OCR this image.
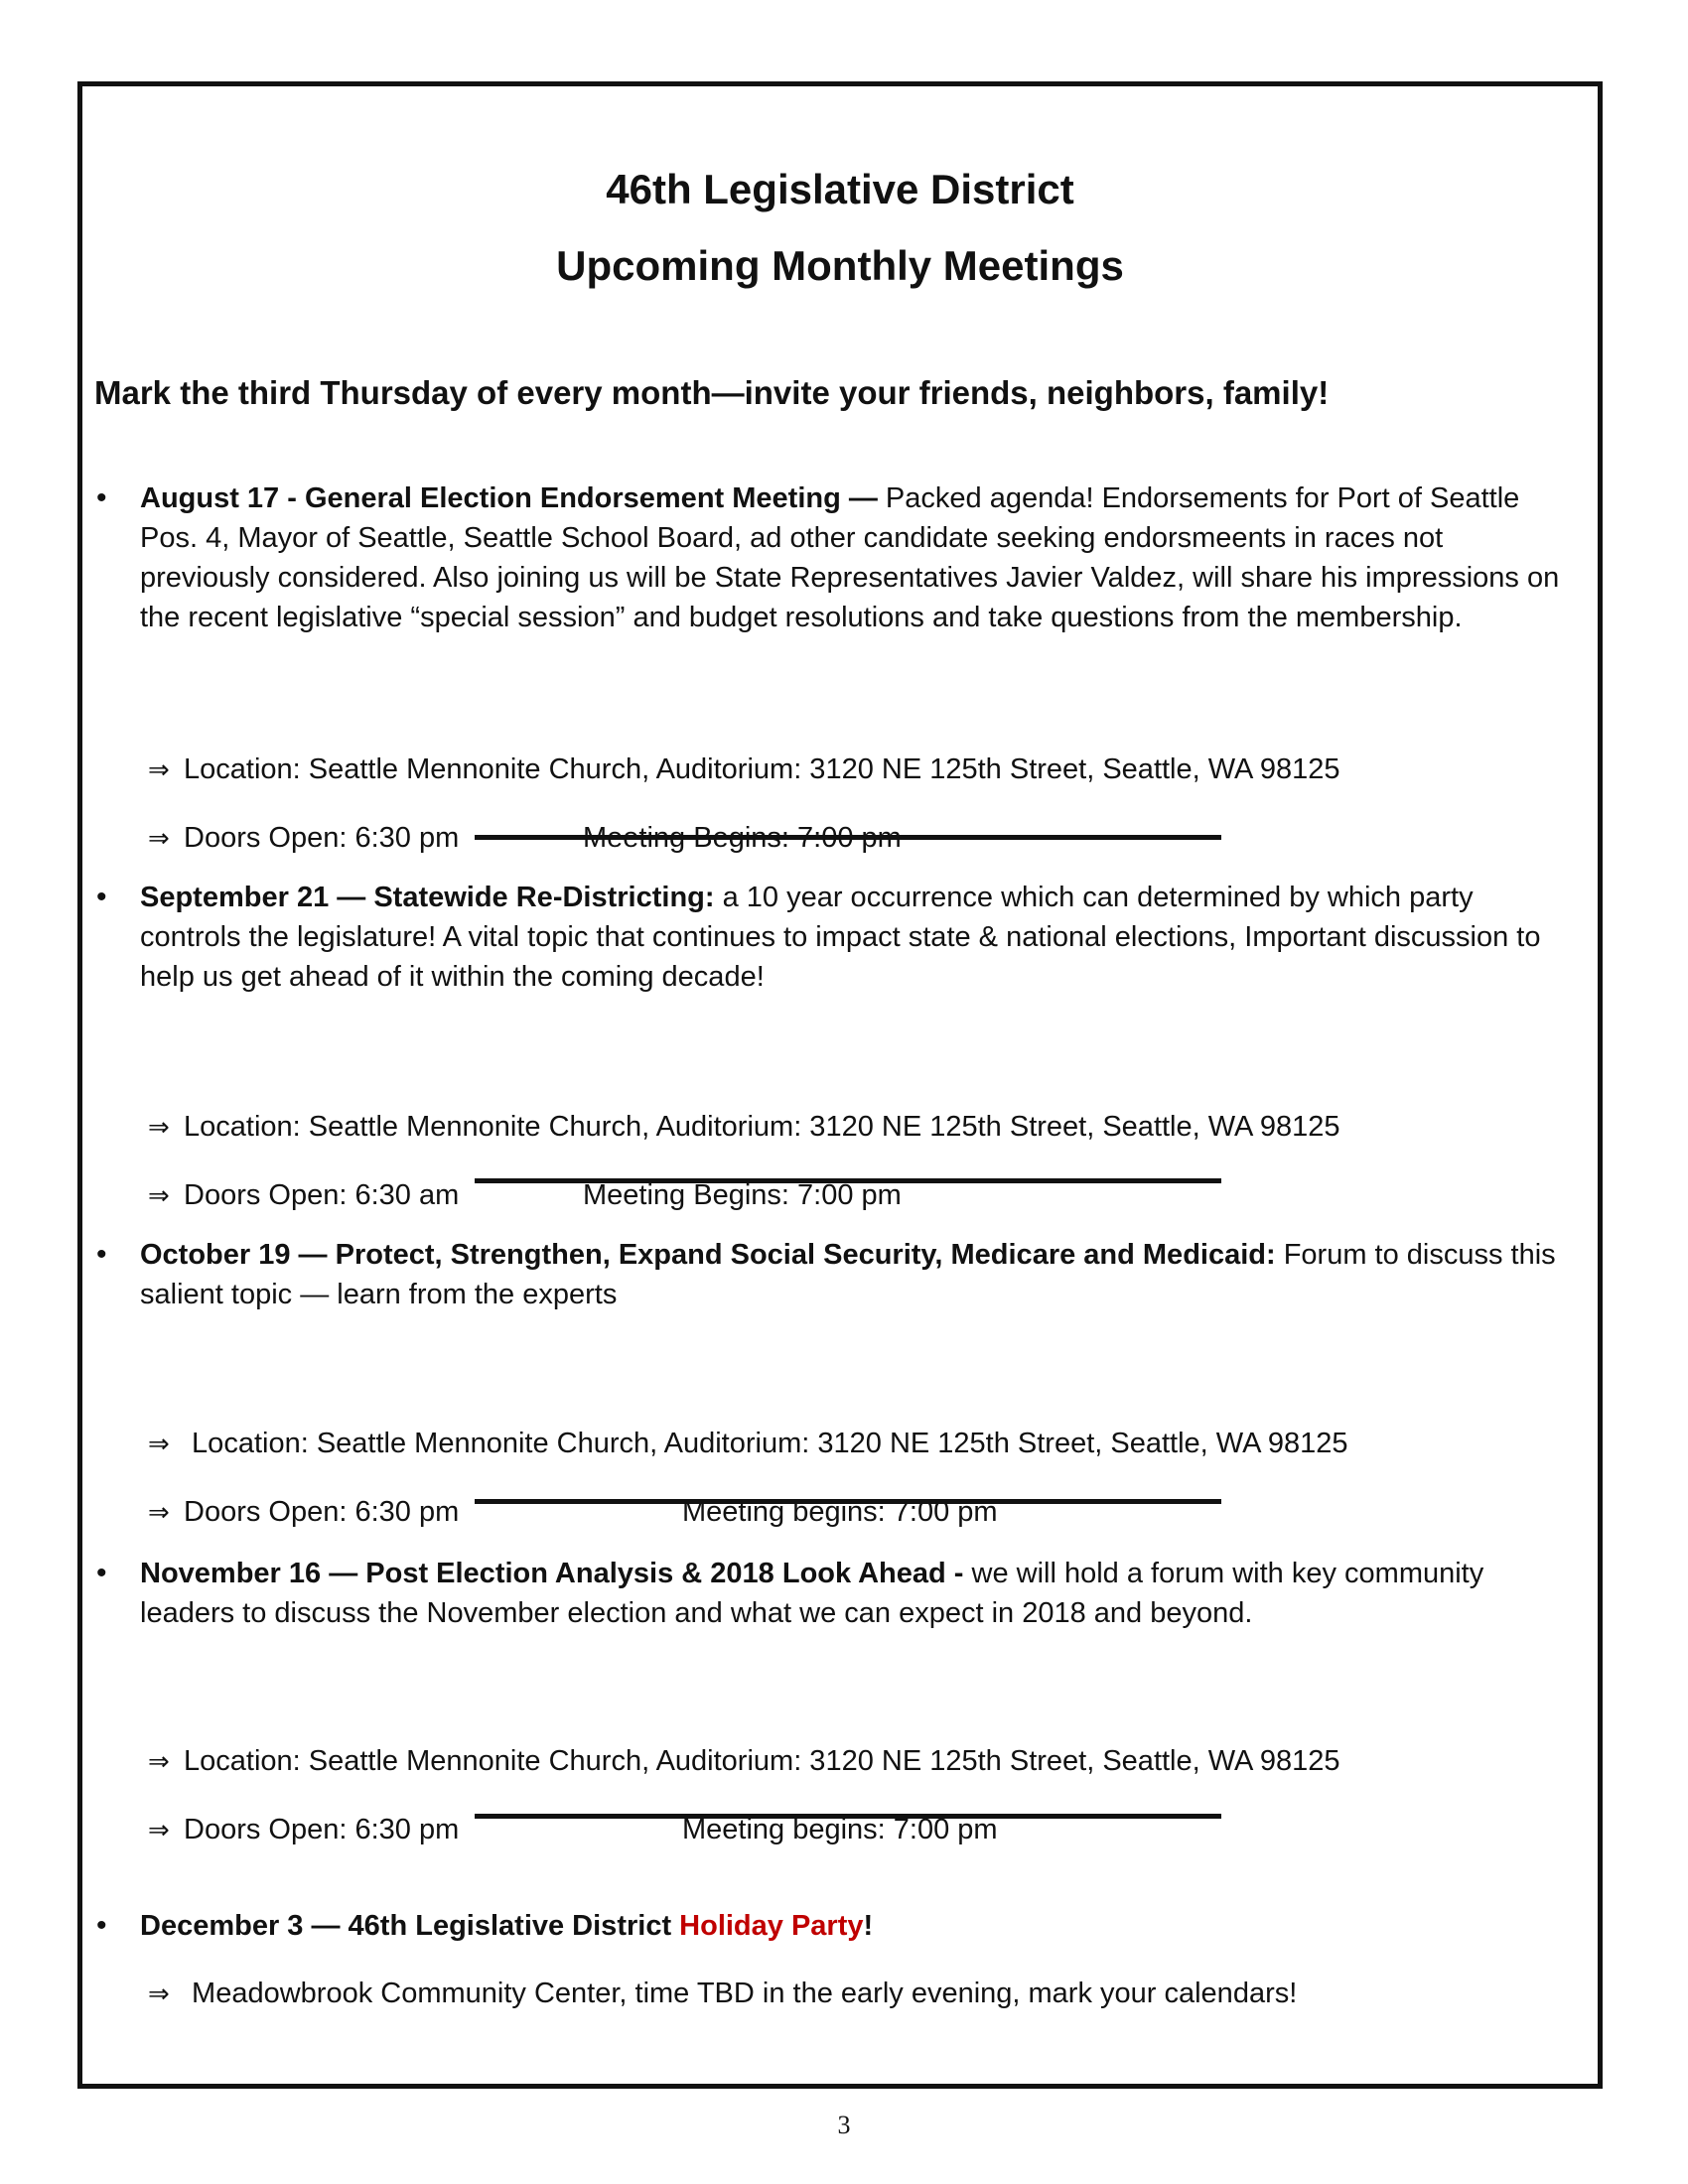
46th Legislative District
Upcoming Monthly Meetings

Mark the third Thursday of every month—invite your friends, neighbors, family!

• August 17 - General Election Endorsement Meeting — Packed agenda! Endorsements for Port of Seattle Pos. 4, Mayor of Seattle, Seattle School Board, ad other candidate seeking endorsmeents in races not previously considered. Also joining us will be State Representatives Javier Valdez, will share his impressions on the recent legislative “special session” and budget resolutions and take questions from the membership.

⇒ Location: Seattle Mennonite Church, Auditorium: 3120 NE 125th Street, Seattle, WA 98125
⇒ Doors Open: 6:30 pm	Meeting Begins: 7:00 pm
• September 21 — Statewide Re-Districting: a 10 year occurrence which can determined by which party controls the legislature! A vital topic that continues to impact state & national elections, Important discussion to help us get ahead of it within the coming decade!

⇒ Location: Seattle Mennonite Church, Auditorium: 3120 NE 125th Street, Seattle, WA 98125
⇒ Doors Open: 6:30 am	Meeting Begins: 7:00 pm
• October 19 — Protect, Strengthen, Expand Social Security, Medicare and Medicaid: Forum to discuss this salient topic — learn from the experts

⇒ Location: Seattle Mennonite Church, Auditorium: 3120 NE 125th Street, Seattle, WA 98125
⇒ Doors Open: 6:30 pm	Meeting begins: 7:00 pm
• November 16 — Post Election Analysis & 2018 Look Ahead - we will hold a forum with key community leaders to discuss the November election and what we can expect in 2018 and beyond.

⇒ Location: Seattle Mennonite Church, Auditorium: 3120 NE 125th Street, Seattle, WA 98125
⇒ Doors Open: 6:30 pm	Meeting begins: 7:00 pm
• December 3 — 46th Legislative District Holiday Party!

⇒ Meadowbrook Community Center, time TBD in the early evening, mark your calendars!
3
